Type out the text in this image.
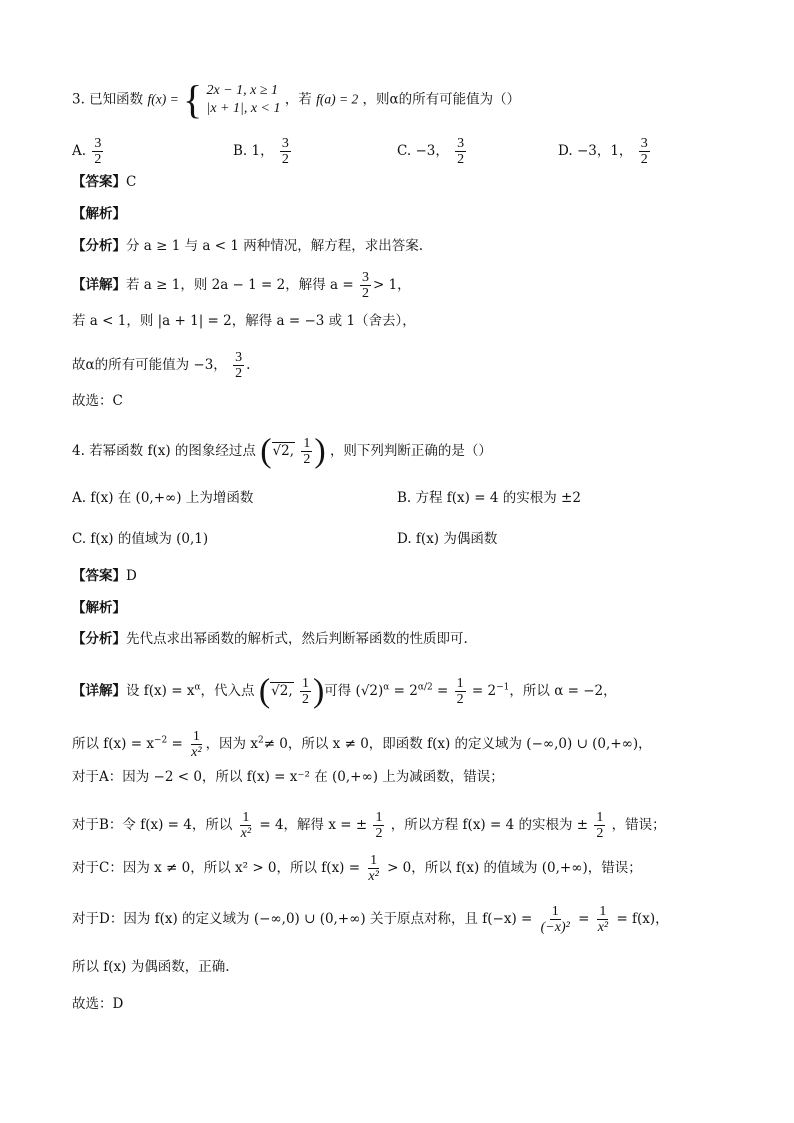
3. 已知函数 f(x) = { 2x − 1, x ≥ 1
|x + 1|, x < 1
，若 f(a) = 2 ，则α的所有可能值为（）
A. $\frac{3}{2}$	B. 1， $\frac{3}{2}$	C. −3， $\frac{3}{2}$	D. −3，1， $\frac{3}{2}$
【答案】C
【解析】
【分析】分 a ≥ 1 与 a < 1 两种情况，解方程，求出答案.
【详解】若 a ≥ 1，则 2a − 1 = 2，解得 $a = \frac{3}{2} > 1$，
若 a < 1，则 |a + 1| = 2，解得 a = −3 或 1（舍去），
故α的所有可能值为 −3， $\frac{3}{2}$ .
故选：C
4. 若幂函数 f(x) 的图象经过点 (√2, $\frac{1}{2}$ ) ，则下列判断正确的是（）
A. f(x) 在 (0,+∞) 上为增函数	B. 方程 f(x) = 4 的实根为 ±2
C. f(x) 的值域为 (0,1)	D. f(x) 为偶函数
【答案】D
【解析】
【分析】先代点求出幂函数的解析式，然后判断幂函数的性质即可.
【详解】设 $f(x) = x^\alpha$，代入点 (√2, $\frac{1}{2}$ )可得 $(√2)^\alpha = 2^{\alpha/2} = \frac{1}{2} = 2^{-1}$，所以 α = −2，
所以 $f(x) = x^{-2} = \frac{1}{\text{x²}}$ ，因为 $x^2\ne 0$，所以 x ≠ 0，即函数 f(x) 的定义域为 (−∞,0) ∪ (0,+∞)，
对于A：因为 −2 < 0，所以 f(x) = x⁻² 在 (0,+∞) 上为减函数，错误；
对于B：令 f(x) = 4，所以 $\frac{1}{\text{x²}} = 4$，解得 x = ± $\frac{1}{2}$ ，所以方程 f(x) = 4 的实根为 ± $\frac{1}{2}$ ，错误；
对于C：因为 x ≠ 0，所以 x² > 0，所以 $f(x) = \frac{1}{\text{x²}} > 0$，所以 f(x) 的值域为 (0,+∞)，错误；
对于D：因为 f(x) 的定义域为 (−∞,0) ∪ (0,+∞) 关于原点对称，且 $f(-x) = \frac{1}{\text{(−x)²}} = \frac{1}{\text{x²}} = f(x)$，
所以 f(x) 为偶函数，正确.
故选：D
